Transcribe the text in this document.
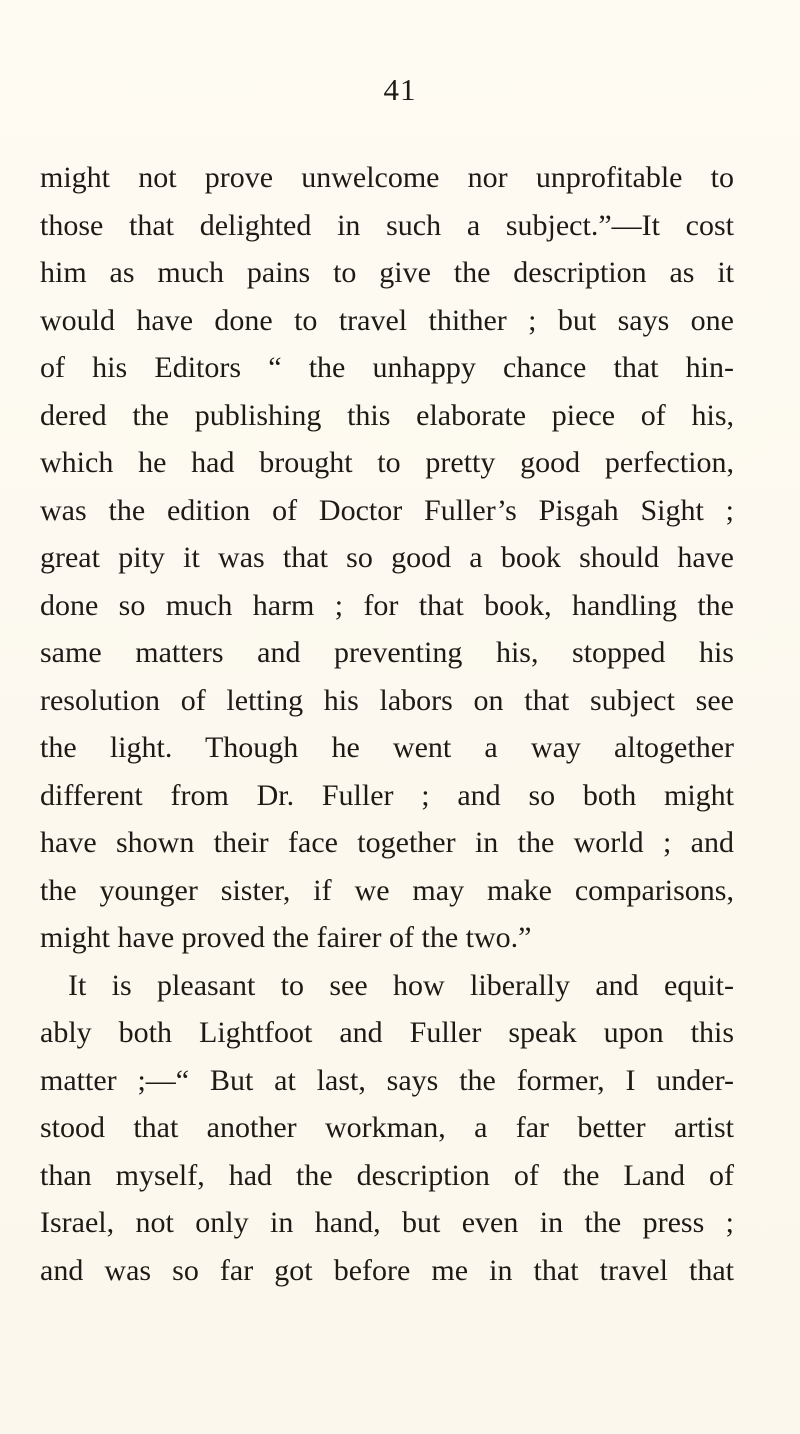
41
might not prove unwelcome nor unprofitable to
those that delighted in such a subject.”—It cost
him as much pains to give the description as it
would have done to travel thither ; but says one
of his Editors “ the unhappy chance that hin-
dered the publishing this elaborate piece of his,
which he had brought to pretty good perfection,
was the edition of Doctor Fuller’s Pisgah Sight ;
great pity it was that so good a book should have
done so much harm ; for that book, handling the
same matters and preventing his, stopped his
resolution of letting his labors on that subject see
the light. Though he went a way altogether
different from Dr. Fuller ; and so both might
have shown their face together in the world ; and
the younger sister, if we may make comparisons,
might have proved the fairer of the two.”
It is pleasant to see how liberally and equit-
ably both Lightfoot and Fuller speak upon this
matter ;—“ But at last, says the former, I under-
stood that another workman, a far better artist
than myself, had the description of the Land of
Israel, not only in hand, but even in the press ;
and was so far got before me in that travel that
